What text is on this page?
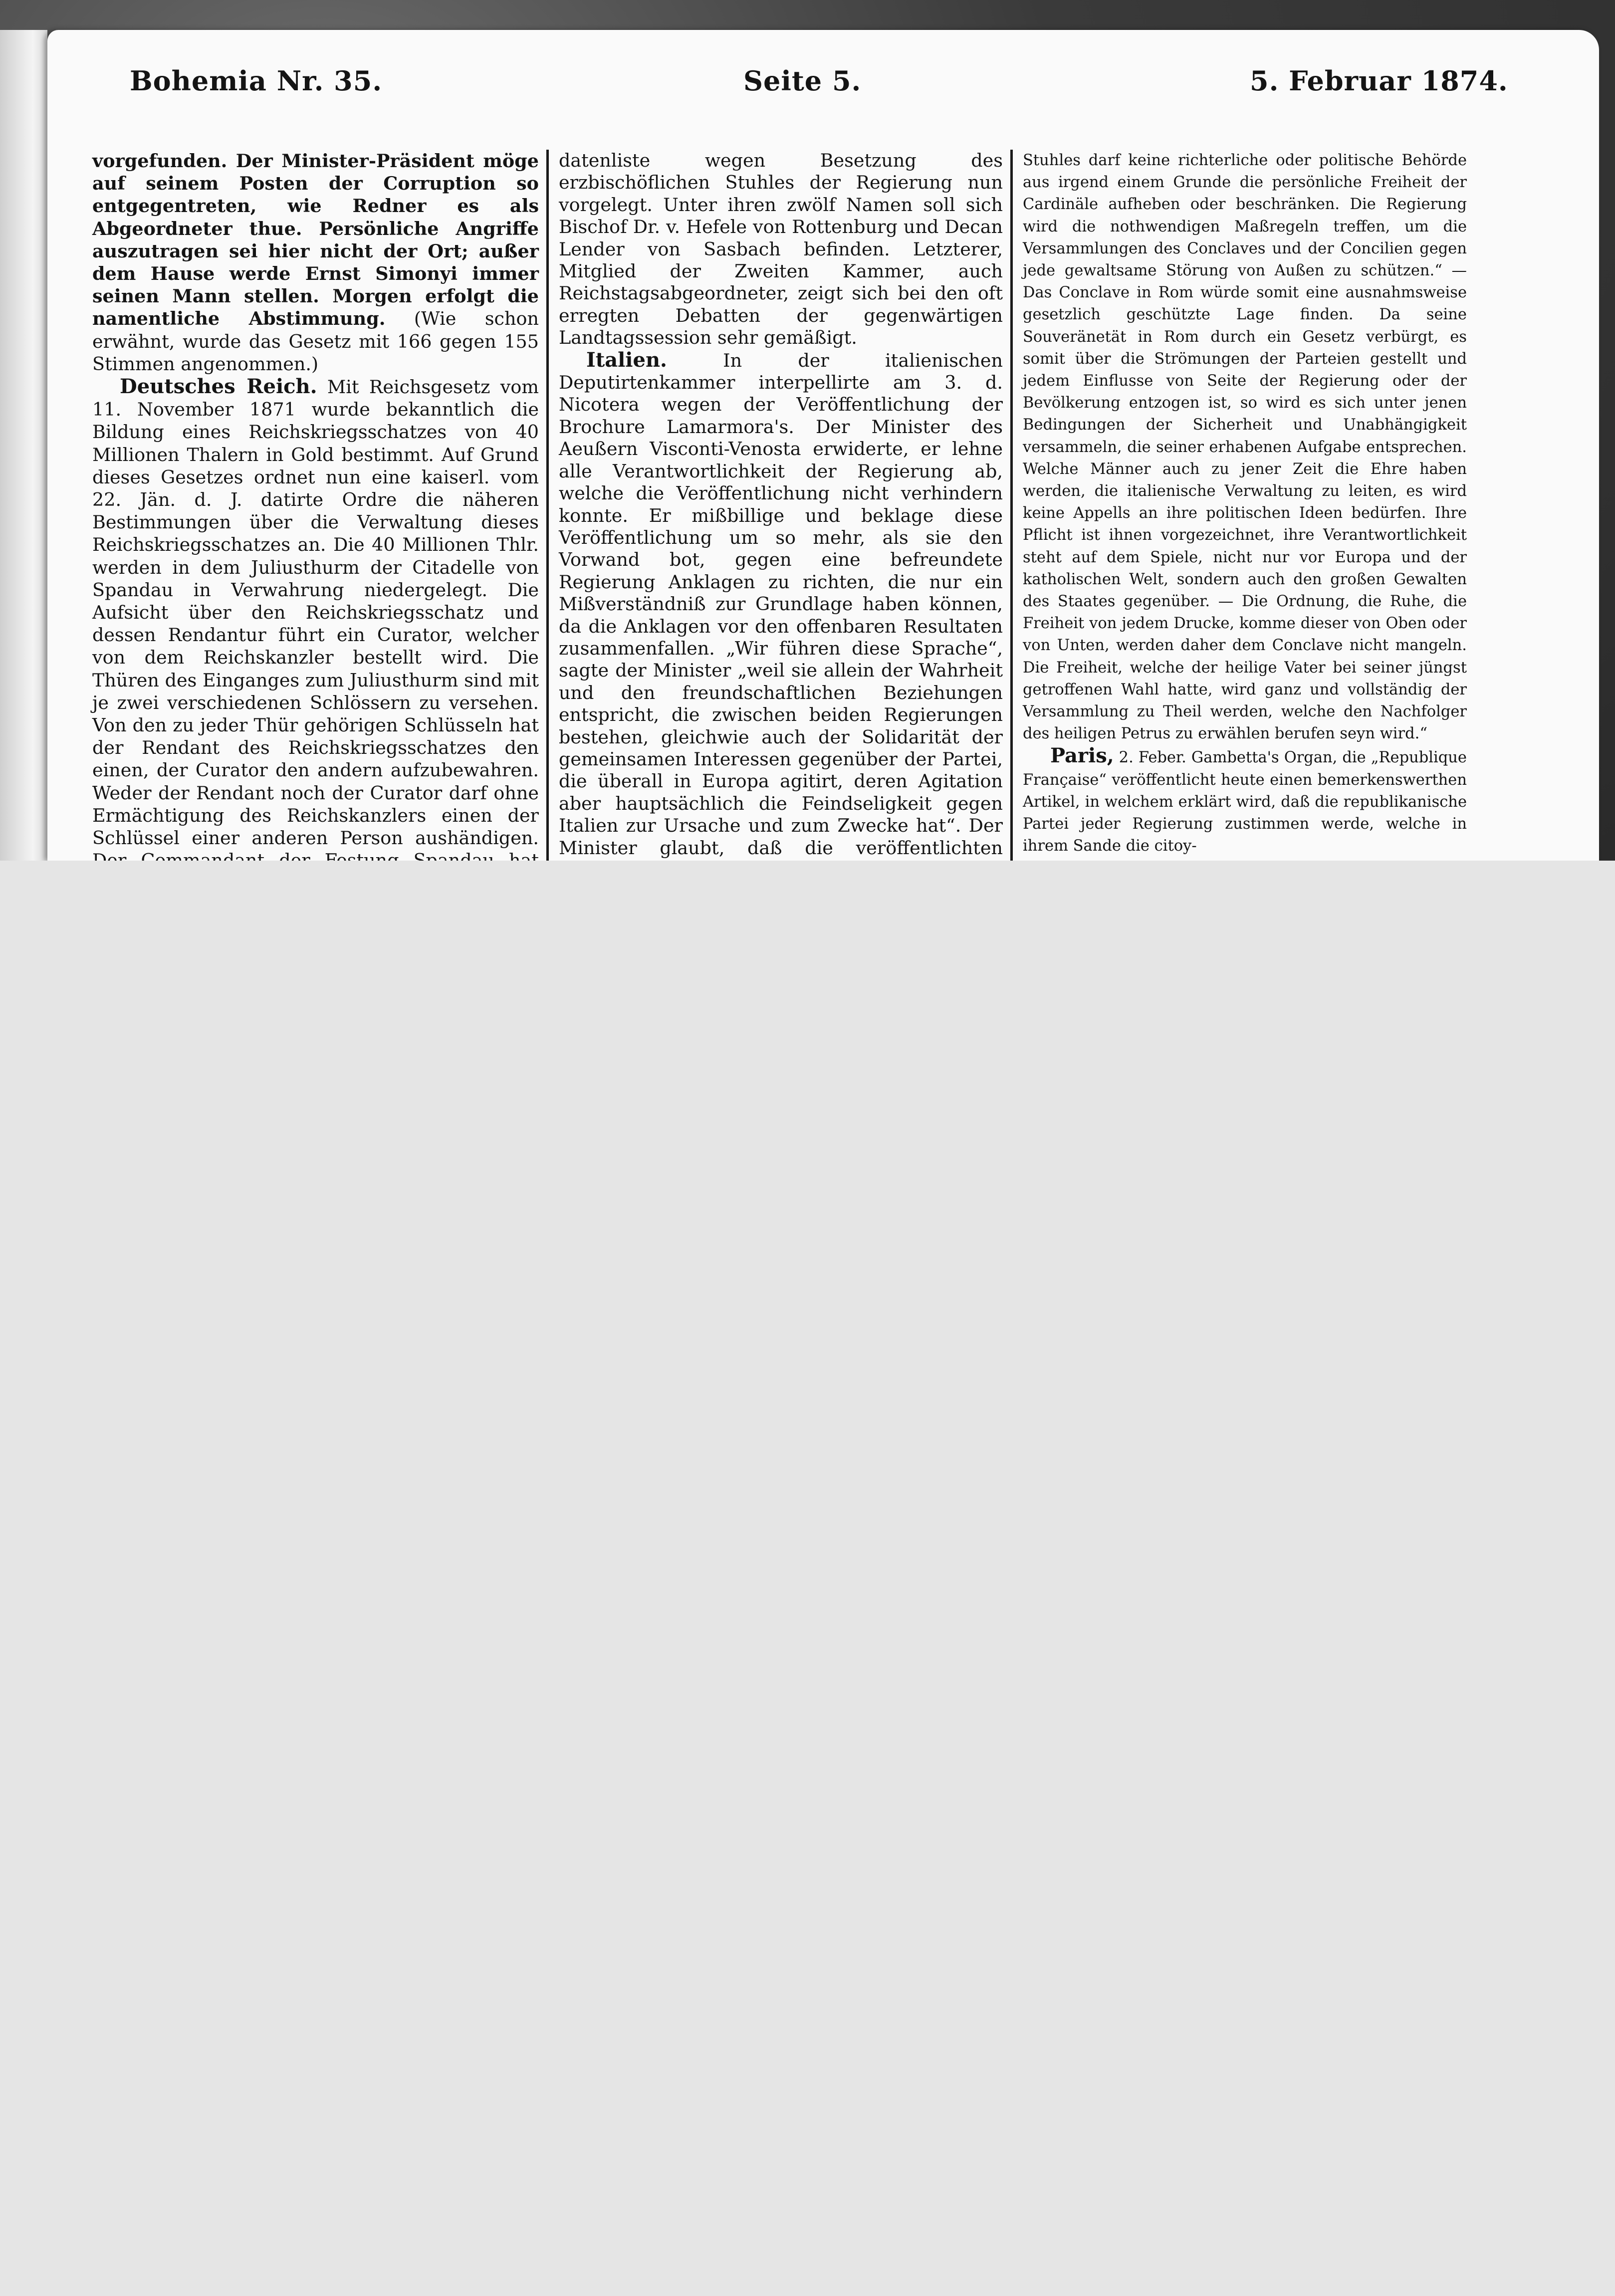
Bohemia Nr. 35.	Seite 5.	5. Februar 1874.

vorgefunden. Der Minister-Präsident möge auf seinem Posten der Corruption so entgegentreten, wie Redner es als Abgeordneter thue. Persönliche Angriffe auszutragen sei hier nicht der Ort; außer dem Hause werde Ernst Simonyi immer seinen Mann stellen. Morgen erfolgt die namentliche Abstimmung. (Wie schon erwähnt, wurde das Gesetz mit 166 gegen 155 Stimmen angenommen.)

Deutsches Reich. Mit Reichsgesetz vom 11. November 1871 wurde bekanntlich die Bildung eines Reichskriegsschatzes von 40 Millionen Thalern in Gold bestimmt. Auf Grund dieses Gesetzes ordnet nun eine kaiserl. vom 22. Jän. d. J. datirte Ordre die näheren Bestimmungen über die Verwaltung dieses Reichskriegsschatzes an. Die 40 Millionen Thlr. werden in dem Juliusthurm der Citadelle von Spandau in Verwahrung niedergelegt. Die Aufsicht über den Reichskriegsschatz und dessen Rendantur führt ein Curator, welcher von dem Reichskanzler bestellt wird. Die Thüren des Einganges zum Juliusthurm sind mit je zwei verschiedenen Schlössern zu versehen. Von den zu jeder Thür gehörigen Schlüsseln hat der Rendant des Reichskriegsschatzes den einen, der Curator den andern aufzubewahren. Weder der Rendant noch der Curator darf ohne Ermächtigung des Reichskanzlers einen der Schlüssel einer anderen Person aushändigen.

datenliste wegen Besetzung des erzbischöflichen Stuhles der Regierung nun vorgelegt. Unter ihren zwölf Namen soll sich Bischof Dr. v. Hefele von Rottenburg und Decan Lender von Sasbach befinden. Letzterer, Mitglied der Zweiten Kammer, auch Reichstagsabgeordneter, zeigt sich bei den oft erregten Debatten der gegenwärtigen Landtagssession sehr gemäßigt.

Italien.	In der italienischen Deputirtenkammer interpellirte am 3. d. Nicotera wegen der Veröffentlichung der Brochure Lamarmora's. Der Minister des Aeußern Visconti-Venosta erwiderte, er lehne alle Verantwortlichkeit der Regierung ab, welche die Veröffentlichung nicht verhindern konnte. Er mißbillige und beklage diese Veröffentlichung um so mehr, als sie den Vorwand bot, gegen eine befreundete Regierung Anklagen zu richten, die nur ein Mißverständniß zur Grundlage haben können, da die Anklagen vor den offenbaren Resultaten zusammenfallen. „Wir führen diese Sprache“, sagte der Minister „weil sie allein der Wahrheit und den freundschaftlichen Beziehungen entspricht, die zwischen beiden Regierungen bestehen, gleichwie auch der Solidarität der gemeinsamen Interessen gegenüber der Partei, die überall in Europa agitirt, deren Agitation aber hauptsächlich die Feindseligkeit gegen Italien zur Ursache und zum Zwecke hat“. Der Minister glaubt, daß die veröffentlichten

Stuhles darf keine richterliche oder politische Behörde aus irgend einem Grunde die persönliche Freiheit der Cardinäle aufheben oder beschränken. Die Regierung wird die nothwendigen Maßregeln treffen, um die Versammlungen des Conclaves und der Concilien gegen jede gewaltsame Störung von Außen zu schützen.“ — Das Conclave in Rom würde somit eine ausnahmsweise gesetzlich geschützte Lage finden. Da seine Souveränetät in Rom durch ein Gesetz verbürgt, es somit über die Strömungen der Parteien gestellt und jedem Einflusse von Seite der Regierung oder der Bevölkerung entzogen ist, so wird es sich unter jenen Bedingungen der Sicherheit und Unabhängigkeit versammeln, die seiner erhabenen Aufgabe entsprechen. Welche Männer auch zu jener Zeit die Ehre haben werden, die italienische Verwaltung zu leiten, es wird keine Appells an ihre politischen Ideen bedürfen. Ihre Pflicht ist ihnen vorgezeichnet, ihre Verantwortlichkeit steht auf dem Spiele, nicht nur vor Europa und der katholischen Welt, sondern auch den großen Gewalten des Staates gegenüber. — Die Ordnung, die Ruhe, die Freiheit von jedem Drucke, komme dieser von Oben oder von Unten, werden daher dem Conclave nicht mangeln. Die Freiheit, welche der heilige Vater bei seiner jüngst getroffenen Wahl hatte, wird ganz und vollständig der Versammlung zu Theil werden, welche den Nachfolger des heiligen Petrus zu erwählen berufen seyn wird.“

Paris, 2. Feber. Gambetta's Organ, die „Republique Française“ veröffentlicht heute einen bemerkenswerthen Artikel, in welchem erklärt wird, daß die republikanische Partei jeder Regierung zustimmen werde, welche in ihrem Sande die citoy-
